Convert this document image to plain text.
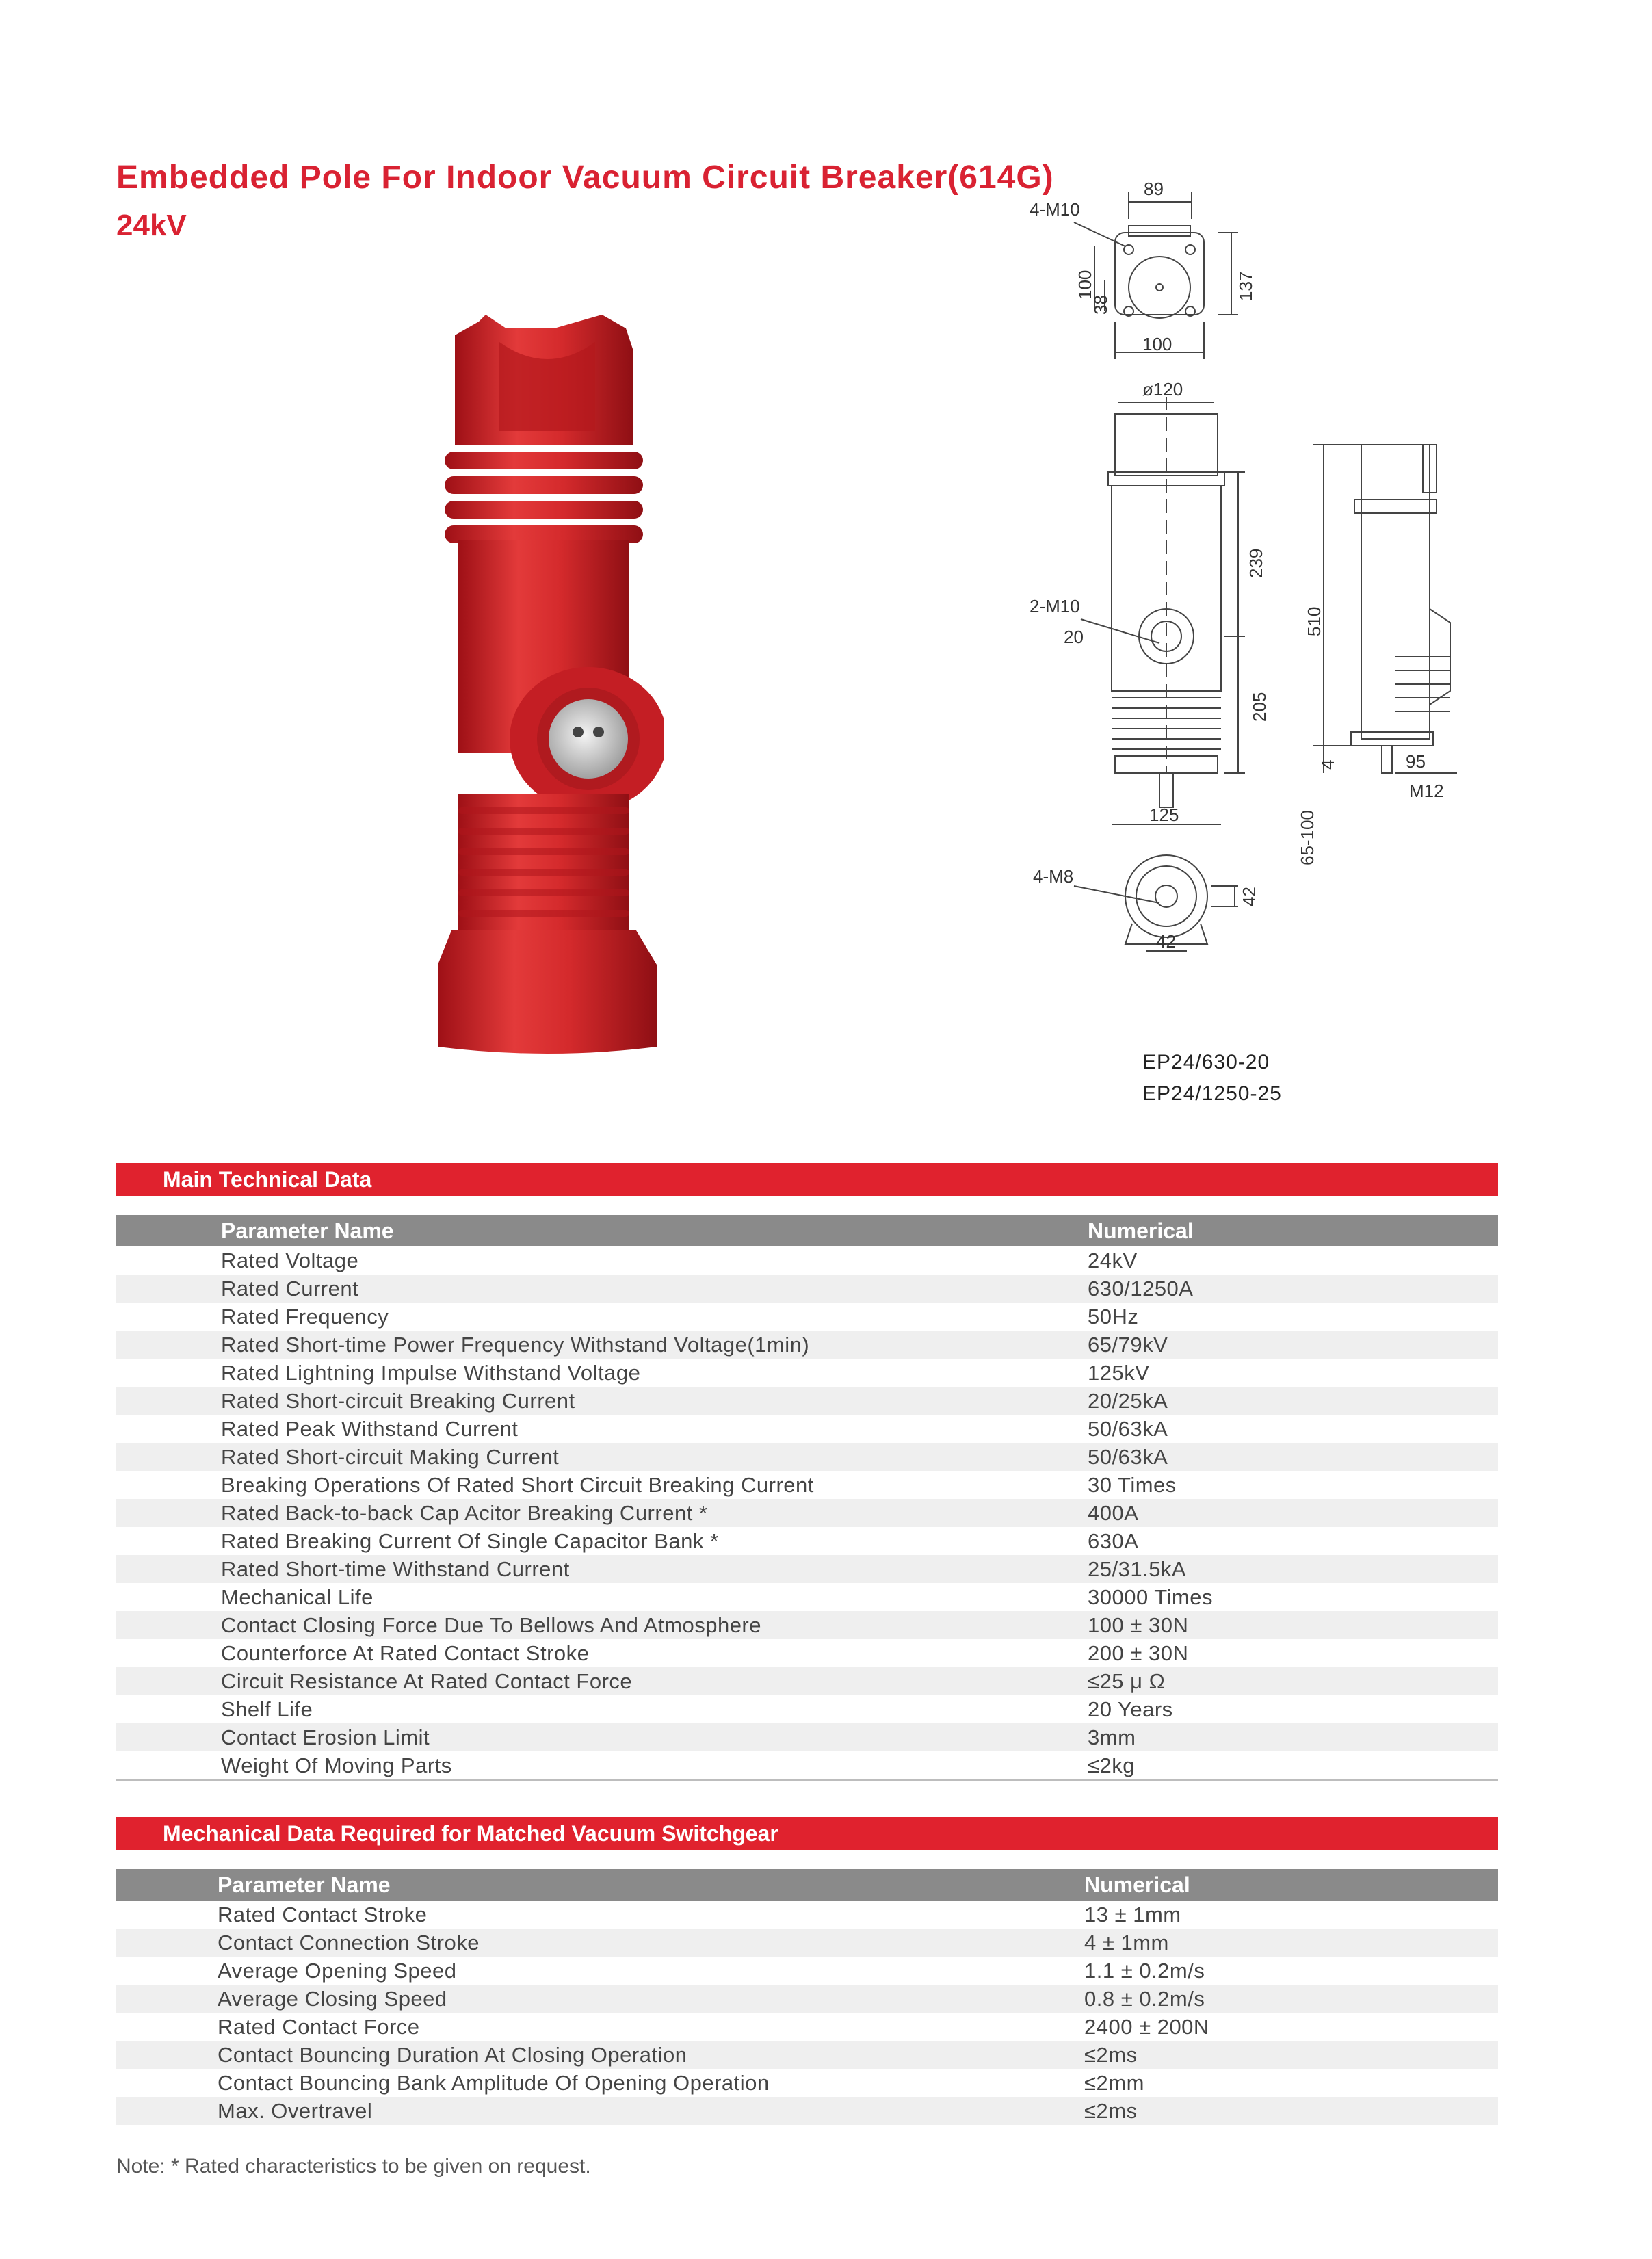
Embedded Pole For Indoor Vacuum Circuit Breaker(614G)
24kV	4-M10
89
100
38
137
100
ø120
2-M10
20
239
205
125
510
4	95
M12
65-100
4-M8
42
42
EP24/630-20
EP24/1250-25
Main Technical Data
Parameter Name	Numerical
Rated Voltage	24kV
Rated Current	630/1250A
Rated Frequency	50Hz
Rated Short-time Power Frequency Withstand Voltage(1min)	65/79kV
Rated Lightning Impulse Withstand Voltage	125kV
Rated Short-circuit Breaking Current	20/25kA
Rated Peak Withstand Current	50/63kA
Rated Short-circuit Making Current	50/63kA
Breaking Operations Of Rated Short Circuit Breaking Current	30 Times
Rated Back-to-back Cap Acitor Breaking Current *	400A
Rated Breaking Current Of Single Capacitor Bank *	630A
Rated Short-time Withstand Current	25/31.5kA
Mechanical Life	30000 Times
Contact Closing Force Due To Bellows And Atmosphere	100 ± 30N
Counterforce At Rated Contact Stroke	200 ± 30N
Circuit Resistance At Rated Contact Force	≤25 μ Ω
Shelf Life	20 Years
Contact Erosion Limit	3mm
Weight Of Moving Parts	≤2kg
Mechanical Data Required for Matched Vacuum Switchgear
Parameter Name	Numerical
Rated Contact Stroke	13 ± 1mm
Contact Connection Stroke	4 ± 1mm
Average Opening Speed	1.1 ± 0.2m/s
Average Closing Speed	0.8 ± 0.2m/s
Rated Contact Force	2400 ± 200N
Contact Bouncing Duration At Closing Operation	≤2ms
Contact Bouncing Bank Amplitude Of Opening Operation	≤2mm
Max. Overtravel	≤2ms
Note: * Rated characteristics to be given on request.
